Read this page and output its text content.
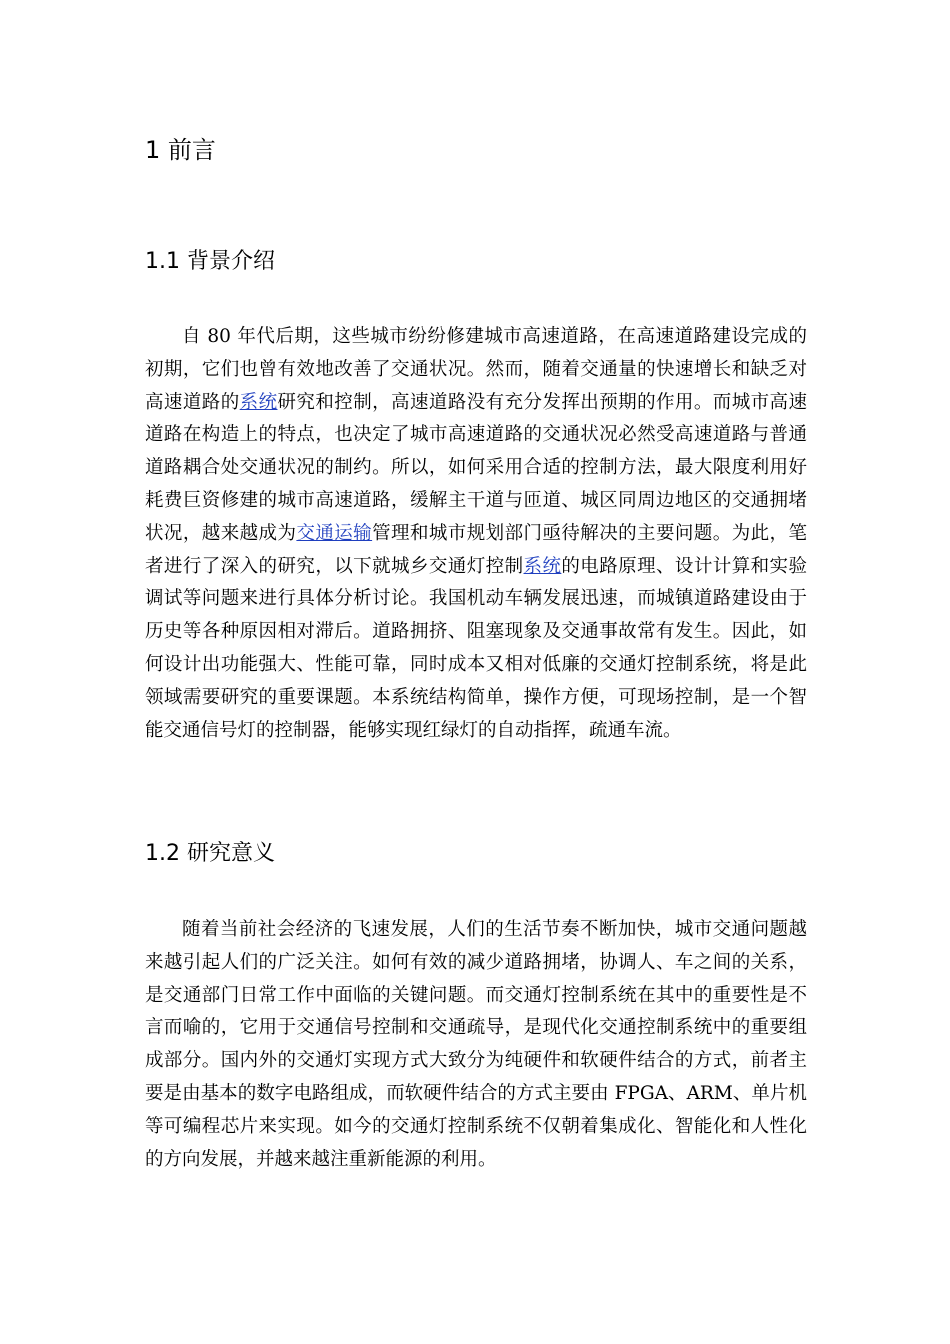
1 前言
1.1 背景介绍

自 80 年代后期，这些城市纷纷修建城市高速道路，在高速道路建设完成的初期，它们也曾有效地改善了交通状况。然而，随着交通量的快速增长和缺乏对高速道路的系统研究和控制，高速道路没有充分发挥出预期的作用。而城市高速道路在构造上的特点，也决定了城市高速道路的交通状况必然受高速道路与普通道路耦合处交通状况的制约。所以，如何采用合适的控制方法，最大限度利用好耗费巨资修建的城市高速道路，缓解主干道与匝道、城区同周边地区的交通拥堵状况，越来越成为交通运输管理和城市规划部门亟待解决的主要问题。为此，笔者进行了深入的研究，以下就城乡交通灯控制系统的电路原理、设计计算和实验调试等问题来进行具体分析讨论。我国机动车辆发展迅速，而城镇道路建设由于历史等各种原因相对滞后。道路拥挤、阻塞现象及交通事故常有发生。因此，如何设计出功能强大、性能可靠，同时成本又相对低廉的交通灯控制系统，将是此领域需要研究的重要课题。本系统结构简单，操作方便，可现场控制，是一个智能交通信号灯的控制器，能够实现红绿灯的自动指挥，疏通车流。

1.2 研究意义

随着当前社会经济的飞速发展，人们的生活节奏不断加快，城市交通问题越来越引起人们的广泛关注。如何有效的减少道路拥堵，协调人、车之间的关系，是交通部门日常工作中面临的关键问题。而交通灯控制系统在其中的重要性是不言而喻的，它用于交通信号控制和交通疏导，是现代化交通控制系统中的重要组成部分。国内外的交通灯实现方式大致分为纯硬件和软硬件结合的方式，前者主要是由基本的数字电路组成，而软硬件结合的方式主要由 FPGA、ARM、单片机等可编程芯片来实现。如今的交通灯控制系统不仅朝着集成化、智能化和人性化的方向发展，并越来越注重新能源的利用。
